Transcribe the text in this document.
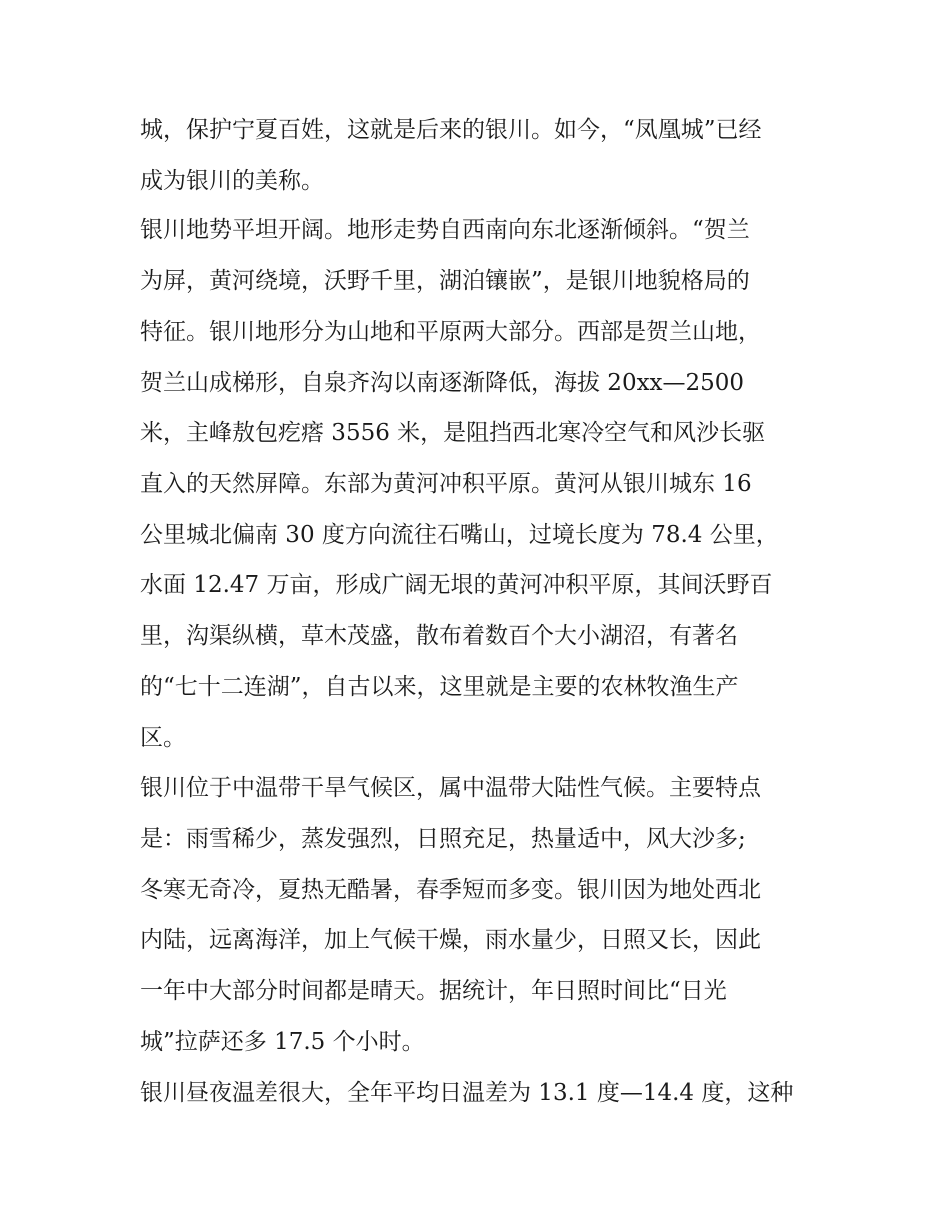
城，保护宁夏百姓，这就是后来的银川。如今，“凤凰城”已经

成为银川的美称。

银川地势平坦开阔。地形走势自西南向东北逐渐倾斜。“贺兰

为屏，黄河绕境，沃野千里，湖泊镶嵌”，是银川地貌格局的

特征。银川地形分为山地和平原两大部分。西部是贺兰山地，

贺兰山成梯形，自泉齐沟以南逐渐降低，海拔 20xx—2500

米，主峰敖包疙瘩 3556 米，是阻挡西北寒冷空气和风沙长驱

直入的天然屏障。东部为黄河冲积平原。黄河从银川城东 16

公里城北偏南 30 度方向流往石嘴山，过境长度为 78.4 公里，

水面 12.47 万亩，形成广阔无垠的黄河冲积平原，其间沃野百

里，沟渠纵横，草木茂盛，散布着数百个大小湖沼，有著名

的“七十二连湖”，自古以来，这里就是主要的农林牧渔生产

区。

银川位于中温带干旱气候区，属中温带大陆性气候。主要特点

是：雨雪稀少，蒸发强烈，日照充足，热量适中，风大沙多;

冬寒无奇冷，夏热无酷暑，春季短而多变。银川因为地处西北

内陆，远离海洋，加上气候干燥，雨水量少，日照又长，因此

一年中大部分时间都是晴天。据统计，年日照时间比“日光

城”拉萨还多 17.5 个小时。

银川昼夜温差很大，全年平均日温差为 13.1 度—14.4 度，这种
